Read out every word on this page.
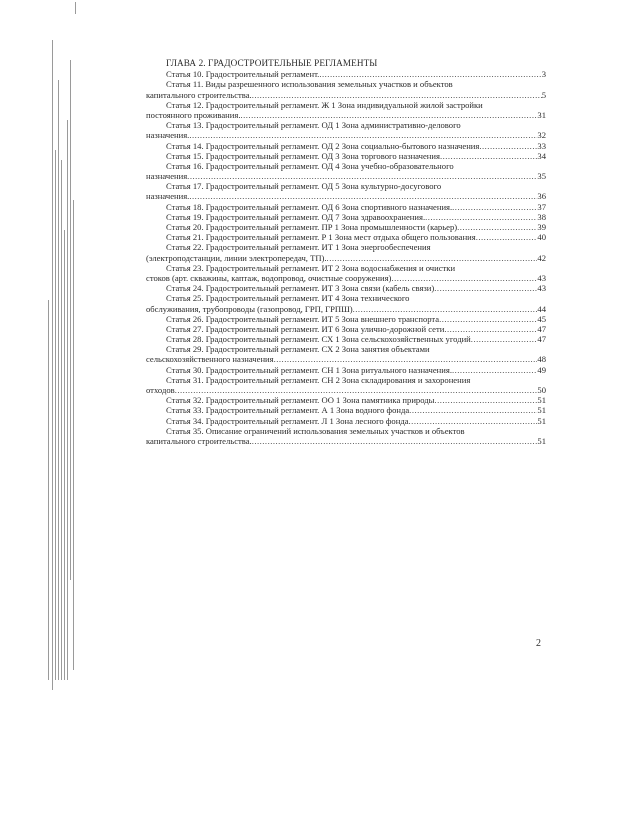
ГЛАВА 2. ГРАДОСТРОИТЕЛЬНЫЕ РЕГЛАМЕНТЫ
Статья 10. Градостроительный регламент. .....	3
Статья 11. Виды разрешенного использования земельных участков и объектов
капитального строительства. .....	5
Статья 12. Градостроительный регламент. Ж 1 Зона индивидуальной жилой застройки
постоянного проживания. .....	31
Статья 13. Градостроительный регламент. ОД 1 Зона административно-делового
назначения. .....	32
Статья 14. Градостроительный регламент. ОД 2 Зона социально-бытового назначения .....	33
Статья 15. Градостроительный регламент. ОД 3 Зона торгового назначения .....	34
Статья 16. Градостроительный регламент. ОД 4 Зона учебно-образовательного
назначения .....	35
Статья 17. Градостроительный регламент. ОД 5 Зона культурно-досугового
назначения. .....	36
Статья 18. Градостроительный регламент. ОД 6 Зона спортивного назначения. .....	37
Статья 19. Градостроительный регламент. ОД 7 Зона здравоохранения. .....	38
Статья 20. Градостроительный регламент. ПР 1 Зона промышленности (карьер) .....	39
Статья 21. Градостроительный регламент. Р 1 Зона мест отдыха общего пользования .....	40
Статья 22. Градостроительный регламент. ИТ 1 Зона энергообеспечения
(электроподстанции, линии электропередач, ТП). .....	42
Статья 23. Градостроительный регламент. ИТ 2 Зона водоснабжения и очистки
стоков (арт. скважины, каптаж, водопровод, очистные сооружения) .....	43
Статья 24. Градостроительный регламент. ИТ 3 Зона связи (кабель связи) .....	43
Статья 25. Градостроительный регламент. ИТ 4 Зона технического
обслуживания, трубопроводы (газопровод, ГРП, ГРПШ) .....	44
Статья 26. Градостроительный регламент. ИТ 5 Зона внешнего транспорта .....	45
Статья 27. Градостроительный регламент. ИТ 6 Зона улично-дорожной сети .....	47
Статья 28. Градостроительный регламент. СХ 1 Зона сельскохозяйственных угодий .....	47
Статья 29. Градостроительный регламент. СХ 2 Зона занятия объектами
сельскохозяйственного назначения .....	48
Статья 30. Градостроительный регламент. СН 1 Зона ритуального назначения. .....	49
Статья 31. Градостроительный регламент. СН 2 Зона складирования и захоронения
отходов .....	50
Статья 32. Градостроительный регламент. ОО 1 Зона памятника природы .....	51
Статья 33. Градостроительный регламент. А 1 Зона водного фонда .....	51
Статья 34. Градостроительный регламент. Л 1 Зона лесного фонда .....	51
Статья 35. Описание ограничений использования земельных участков и объектов
капитального строительства. .....	51
2
